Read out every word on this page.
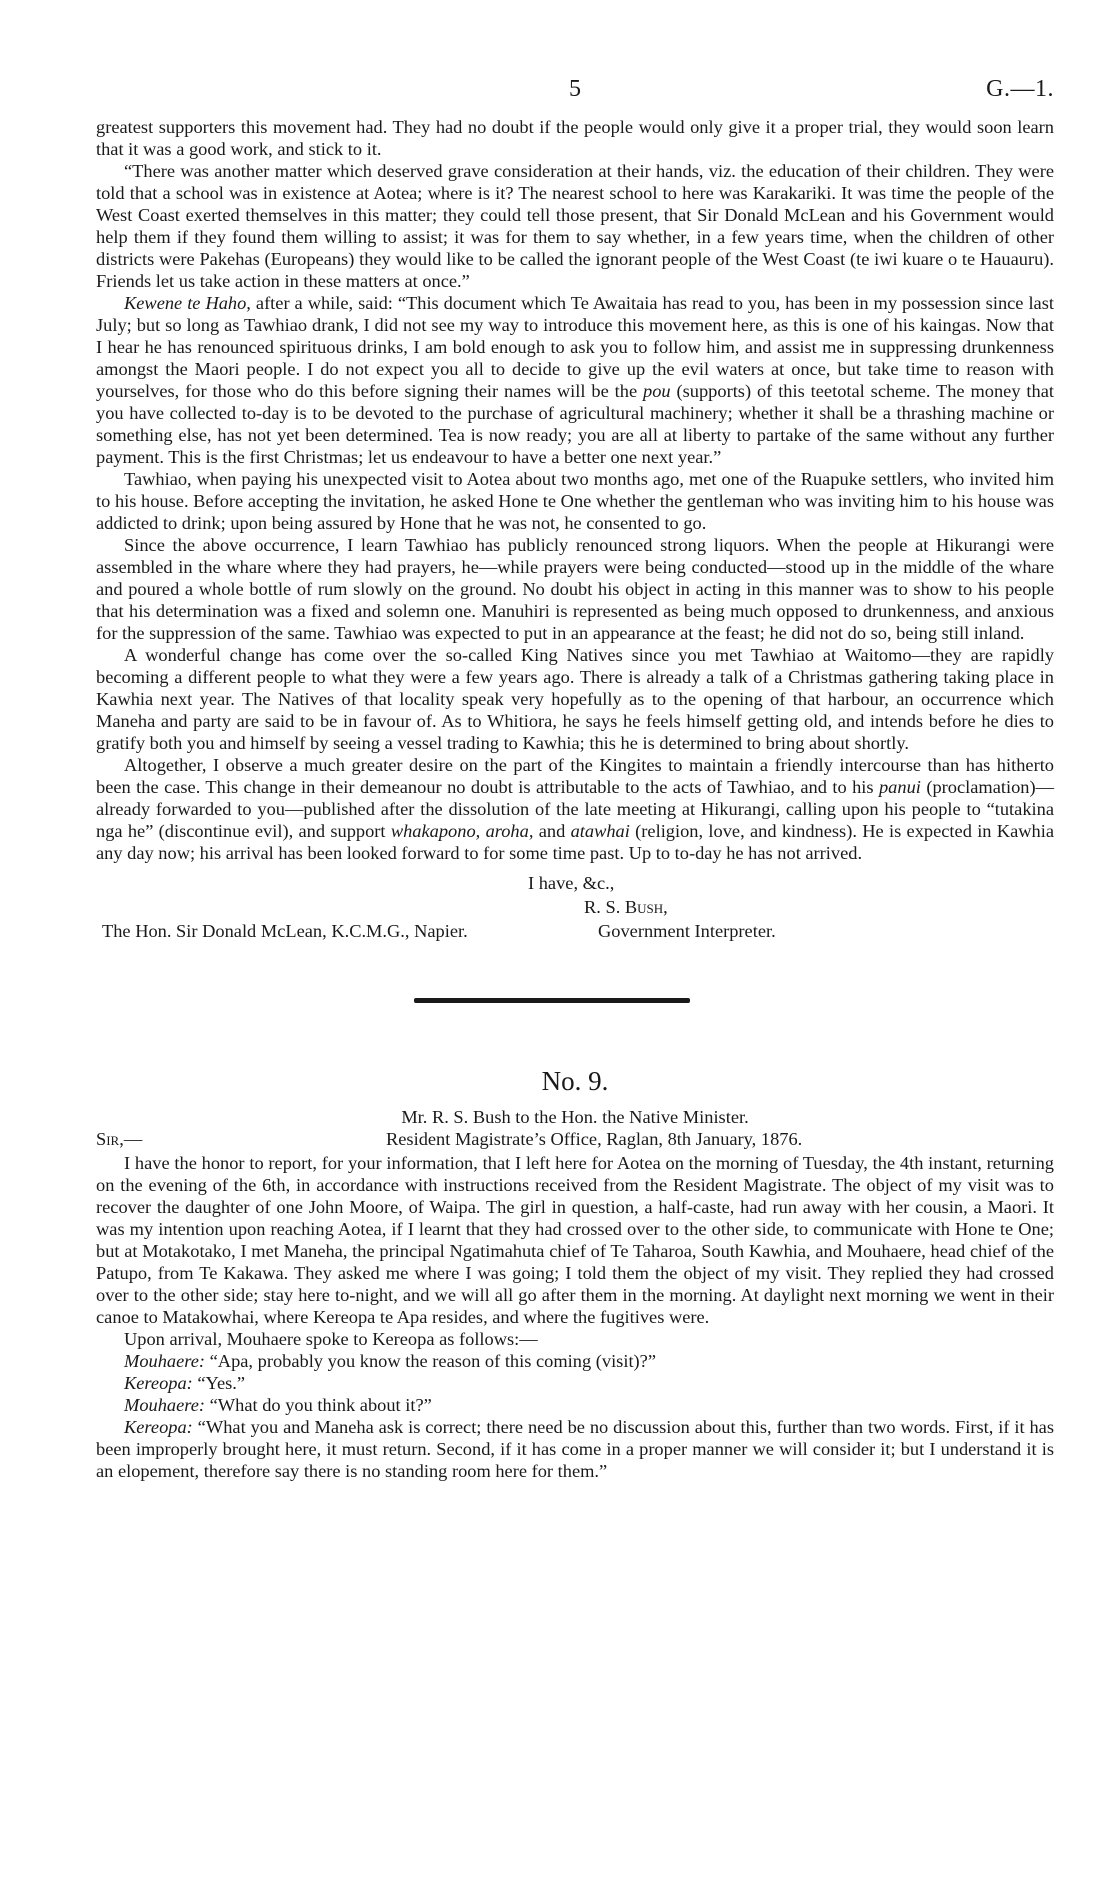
5	G.—1.

greatest supporters this movement had. They had no doubt if the people would only give it a proper trial, they would soon learn that it was a good work, and stick to it.

“There was another matter which deserved grave consideration at their hands, viz. the education of their children. They were told that a school was in existence at Aotea; where is it? The nearest school to here was Karakariki. It was time the people of the West Coast exerted themselves in this matter; they could tell those present, that Sir Donald McLean and his Government would help them if they found them willing to assist; it was for them to say whether, in a few years time, when the children of other districts were Pakehas (Europeans) they would like to be called the ignorant people of the West Coast (te iwi kuare o te Hauauru). Friends let us take action in these matters at once.”

Kewene te Haho, after a while, said: “This document which Te Awaitaia has read to you, has been in my possession since last July; but so long as Tawhiao drank, I did not see my way to introduce this movement here, as this is one of his kaingas. Now that I hear he has renounced spirituous drinks, I am bold enough to ask you to follow him, and assist me in suppressing drunkenness amongst the Maori people. I do not expect you all to decide to give up the evil waters at once, but take time to reason with yourselves, for those who do this before signing their names will be the pou (supports) of this teetotal scheme. The money that you have collected to-day is to be devoted to the purchase of agricultural machinery; whether it shall be a thrashing machine or something else, has not yet been determined. Tea is now ready; you are all at liberty to partake of the same without any further payment. This is the first Christmas; let us endeavour to have a better one next year.”

Tawhiao, when paying his unexpected visit to Aotea about two months ago, met one of the Ruapuke settlers, who invited him to his house. Before accepting the invitation, he asked Hone te One whether the gentleman who was inviting him to his house was addicted to drink; upon being assured by Hone that he was not, he consented to go.

Since the above occurrence, I learn Tawhiao has publicly renounced strong liquors. When the people at Hikurangi were assembled in the whare where they had prayers, he—while prayers were being conducted—stood up in the middle of the whare and poured a whole bottle of rum slowly on the ground. No doubt his object in acting in this manner was to show to his people that his determination was a fixed and solemn one. Manuhiri is represented as being much opposed to drunkenness, and anxious for the suppression of the same. Tawhiao was expected to put in an appearance at the feast; he did not do so, being still inland.

A wonderful change has come over the so-called King Natives since you met Tawhiao at Waitomo—they are rapidly becoming a different people to what they were a few years ago. There is already a talk of a Christmas gathering taking place in Kawhia next year. The Natives of that locality speak very hopefully as to the opening of that harbour, an occurrence which Maneha and party are said to be in favour of. As to Whitiora, he says he feels himself getting old, and intends before he dies to gratify both you and himself by seeing a vessel trading to Kawhia; this he is determined to bring about shortly.

Altogether, I observe a much greater desire on the part of the Kingites to maintain a friendly intercourse than has hitherto been the case. This change in their demeanour no doubt is attributable to the acts of Tawhiao, and to his panui (proclamation)—already forwarded to you—published after the dissolution of the late meeting at Hikurangi, calling upon his people to “tutakina nga he” (discontinue evil), and support whakapono, aroha, and atawhai (religion, love, and kindness). He is expected in Kawhia any day now; his arrival has been looked forward to for some time past. Up to to-day he has not arrived.

I have, &c.,
R. S. Bush,
The Hon. Sir Donald McLean, K.C.M.G., Napier.	Government Interpreter.
No. 9.
Mr. R. S. Bush to the Hon. the Native Minister.
Sir,—	Resident Magistrate’s Office, Raglan, 8th January, 1876.

I have the honor to report, for your information, that I left here for Aotea on the morning of Tuesday, the 4th instant, returning on the evening of the 6th, in accordance with instructions received from the Resident Magistrate. The object of my visit was to recover the daughter of one John Moore, of Waipa. The girl in question, a half-caste, had run away with her cousin, a Maori. It was my intention upon reaching Aotea, if I learnt that they had crossed over to the other side, to communicate with Hone te One; but at Motakotako, I met Maneha, the principal Ngatimahuta chief of Te Taharoa, South Kawhia, and Mouhaere, head chief of the Patupo, from Te Kakawa. They asked me where I was going; I told them the object of my visit. They replied they had crossed over to the other side; stay here to-night, and we will all go after them in the morning. At daylight next morning we went in their canoe to Matakowhai, where Kereopa te Apa resides, and where the fugitives were.

Upon arrival, Mouhaere spoke to Kereopa as follows:—

Mouhaere: “Apa, probably you know the reason of this coming (visit)?”

Kereopa: “Yes.”

Mouhaere: “What do you think about it?”

Kereopa: “What you and Maneha ask is correct; there need be no discussion about this, further than two words. First, if it has been improperly brought here, it must return. Second, if it has come in a proper manner we will consider it; but I understand it is an elopement, therefore say there is no standing room here for them.”
